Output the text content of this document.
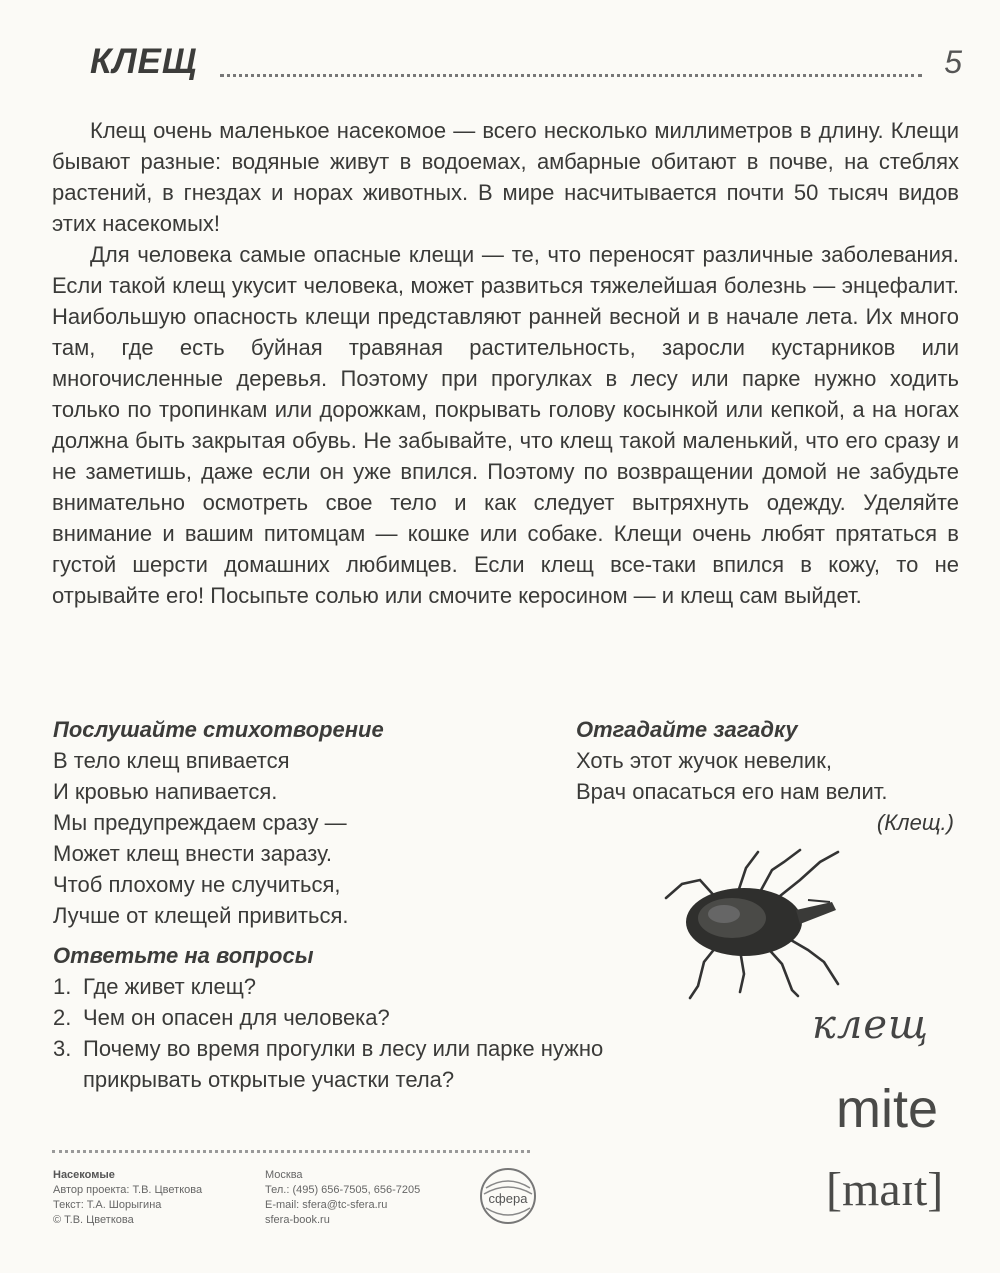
КЛЕЩ	5

Клещ очень маленькое насекомое — всего несколько миллиметров в длину. Клещи бывают разные: водяные живут в водоемах, амбарные обитают в почве, на стеблях растений, в гнездах и норах животных. В мире насчитывается почти 50 тысяч видов этих насекомых!

Для человека самые опасные клещи — те, что переносят различные заболевания. Если такой клещ укусит человека, может развиться тяжелейшая болезнь — энцефалит. Наибольшую опасность клещи представляют ранней весной и в начале лета. Их много там, где есть буйная травяная растительность, заросли кустарников или многочисленные деревья. Поэтому при прогулках в лесу или парке нужно ходить только по тропинкам или дорожкам, покрывать голову косынкой или кепкой, а на ногах должна быть закрытая обувь. Не забывайте, что клещ такой маленький, что его сразу и не заметишь, даже если он уже впился. Поэтому по возвращении домой не забудьте внимательно осмотреть свое тело и как следует вытряхнуть одежду. Уделяйте внимание и вашим питомцам — кошке или собаке. Клещи очень любят прятаться в густой шерсти домашних любимцев. Если клещ все-таки впился в кожу, то не отрывайте его! Посыпьте солью или смочите керосином — и клещ сам выйдет.

Послушайте стихотворение
В тело клещ впивается
И кровью напивается.
Мы предупреждаем сразу —
Может клещ внести заразу.
Чтоб плохому не случиться,
Лучше от клещей привиться.
Ответьте на вопросы
1. Где живет клещ?
2. Чем он опасен для человека?
3. Почему во время прогулки в лесу или парке нужно прикрывать открытые участки тела?
Отгадайте загадку
Хоть этот жучок невелик,
Врач опасаться его нам велит.
(Клещ.)
клещ
mite
[maɪt]
Насекомые
Автор проекта: Т.В. Цветкова
Текст: Т.А. Шорыгина
© Т.В. Цветкова
Москва
Тел.: (495) 656-7505, 656-7205
E-mail: sfera@tc-sfera.ru
sfera-book.ru
сфера
